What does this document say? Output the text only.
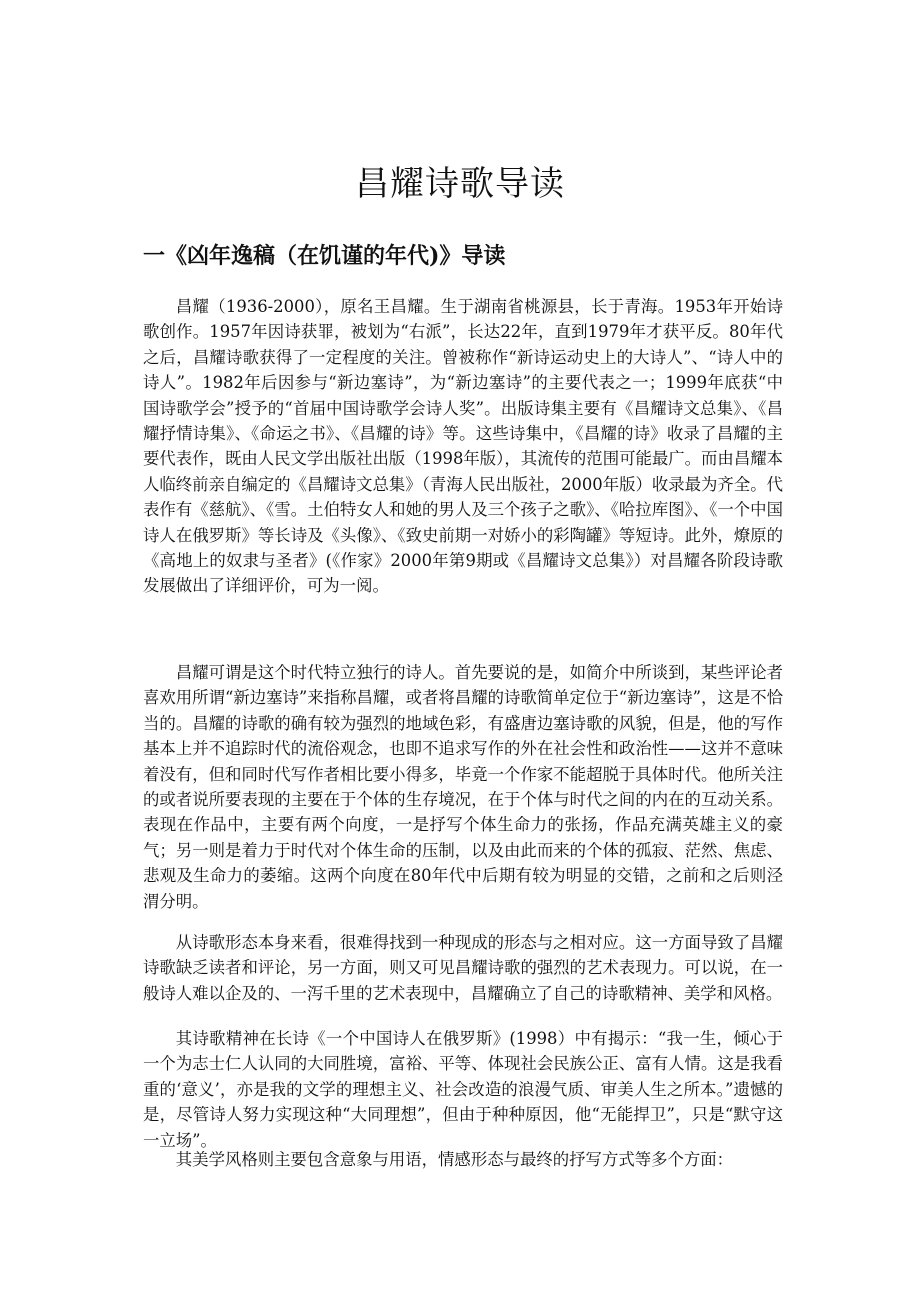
昌耀诗歌导读
一《凶年逸稿（在饥谨的年代)》导读

昌耀（1936-2000），原名王昌耀。生于湖南省桃源县，长于青海。1953年开始诗歌创作。1957年因诗获罪，被划为“右派”，长达22年，直到1979年才获平反。80年代之后，昌耀诗歌获得了一定程度的关注。曾被称作“新诗运动史上的大诗人”、“诗人中的诗人”。1982年后因参与“新边塞诗”，为“新边塞诗”的主要代表之一；1999年底获“中国诗歌学会”授予的“首届中国诗歌学会诗人奖”。出版诗集主要有《昌耀诗文总集》、《昌耀抒情诗集》、《命运之书》、《昌耀的诗》等。这些诗集中，《昌耀的诗》收录了昌耀的主要代表作，既由人民文学出版社出版（1998年版），其流传的范围可能最广。而由昌耀本人临终前亲自编定的《昌耀诗文总集》（青海人民出版社，2000年版）收录最为齐全。代表作有《慈航》、《雪。土伯特女人和她的男人及三个孩子之歌》、《哈拉库图》、《一个中国诗人在俄罗斯》等长诗及《头像》、《致史前期一对娇小的彩陶罐》等短诗。此外，燎原的《高地上的奴隶与圣者》(《作家》2000年第9期或《昌耀诗文总集》）对昌耀各阶段诗歌发展做出了详细评价，可为一阅。

昌耀可谓是这个时代特立独行的诗人。首先要说的是，如简介中所谈到，某些评论者喜欢用所谓“新边塞诗”来指称昌耀，或者将昌耀的诗歌简单定位于“新边塞诗”，这是不恰当的。昌耀的诗歌的确有较为强烈的地域色彩，有盛唐边塞诗歌的风貌，但是，他的写作基本上并不追踪时代的流俗观念，也即不追求写作的外在社会性和政治性——这并不意味着没有，但和同时代写作者相比要小得多，毕竟一个作家不能超脱于具体时代。他所关注的或者说所要表现的主要在于个体的生存境况，在于个体与时代之间的内在的互动关系。表现在作品中，主要有两个向度，一是抒写个体生命力的张扬，作品充满英雄主义的豪气；另一则是着力于时代对个体生命的压制，以及由此而来的个体的孤寂、茫然、焦虑、悲观及生命力的萎缩。这两个向度在80年代中后期有较为明显的交错，之前和之后则泾渭分明。

从诗歌形态本身来看，很难得找到一种现成的形态与之相对应。这一方面导致了昌耀诗歌缺乏读者和评论，另一方面，则又可见昌耀诗歌的强烈的艺术表现力。可以说，在一般诗人难以企及的、一泻千里的艺术表现中，昌耀确立了自己的诗歌精神、美学和风格。

其诗歌精神在长诗《一个中国诗人在俄罗斯》(1998）中有揭示：“我一生，倾心于一个为志士仁人认同的大同胜境，富裕、平等、体现社会民族公正、富有人情。这是我看重的‘意义’，亦是我的文学的理想主义、社会改造的浪漫气质、审美人生之所本。”遗憾的是，尽管诗人努力实现这种“大同理想”，但由于种种原因，他“无能捍卫”，只是“默守这一立场”。

其美学风格则主要包含意象与用语，情感形态与最终的抒写方式等多个方面：
